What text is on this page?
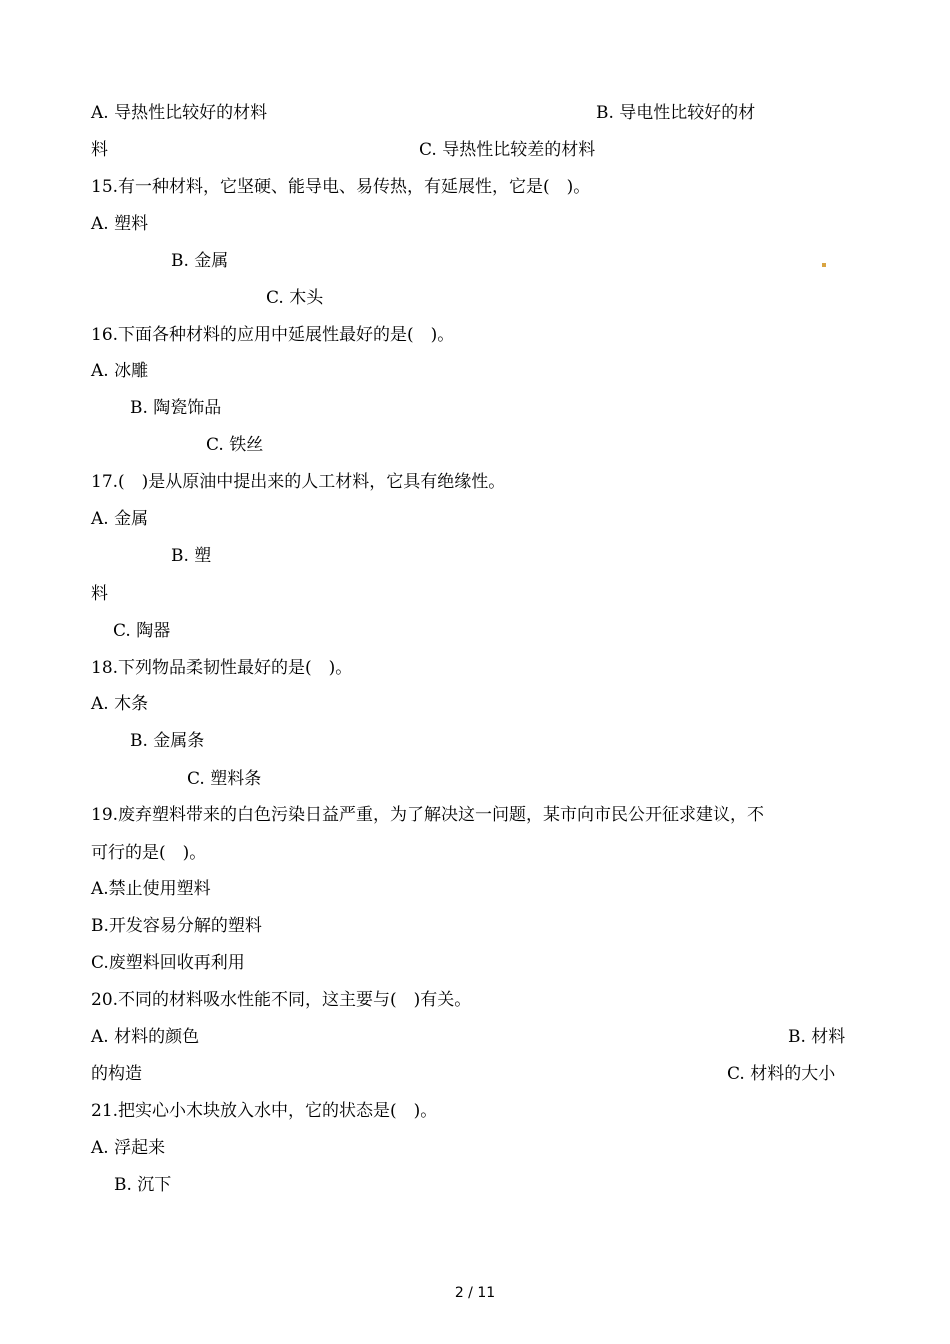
A. 导热性比较好的材料	B. 导电性比较好的材
料	C. 导热性比较差的材料
15.有一种材料，它坚硬、能导电、易传热，有延展性，它是(　)。
A. 塑料
B. 金属
C. 木头
16.下面各种材料的应用中延展性最好的是(　)。
A. 冰雕
B. 陶瓷饰品
C. 铁丝
17.(　)是从原油中提出来的人工材料，它具有绝缘性。
A. 金属
B. 塑
料
C. 陶器
18.下列物品柔韧性最好的是(　)。
A. 木条
B. 金属条
C. 塑料条
19.废弃塑料带来的白色污染日益严重，为了解决这一问题，某市向市民公开征求建议，不
可行的是(　)。
A.禁止使用塑料
B.开发容易分解的塑料
C.废塑料回收再利用
20.不同的材料吸水性能不同，这主要与(　)有关。
A. 材料的颜色	B. 材料
的构造	C. 材料的大小
21.把实心小木块放入水中，它的状态是(　)。
A. 浮起来
B. 沉下
2 / 11
